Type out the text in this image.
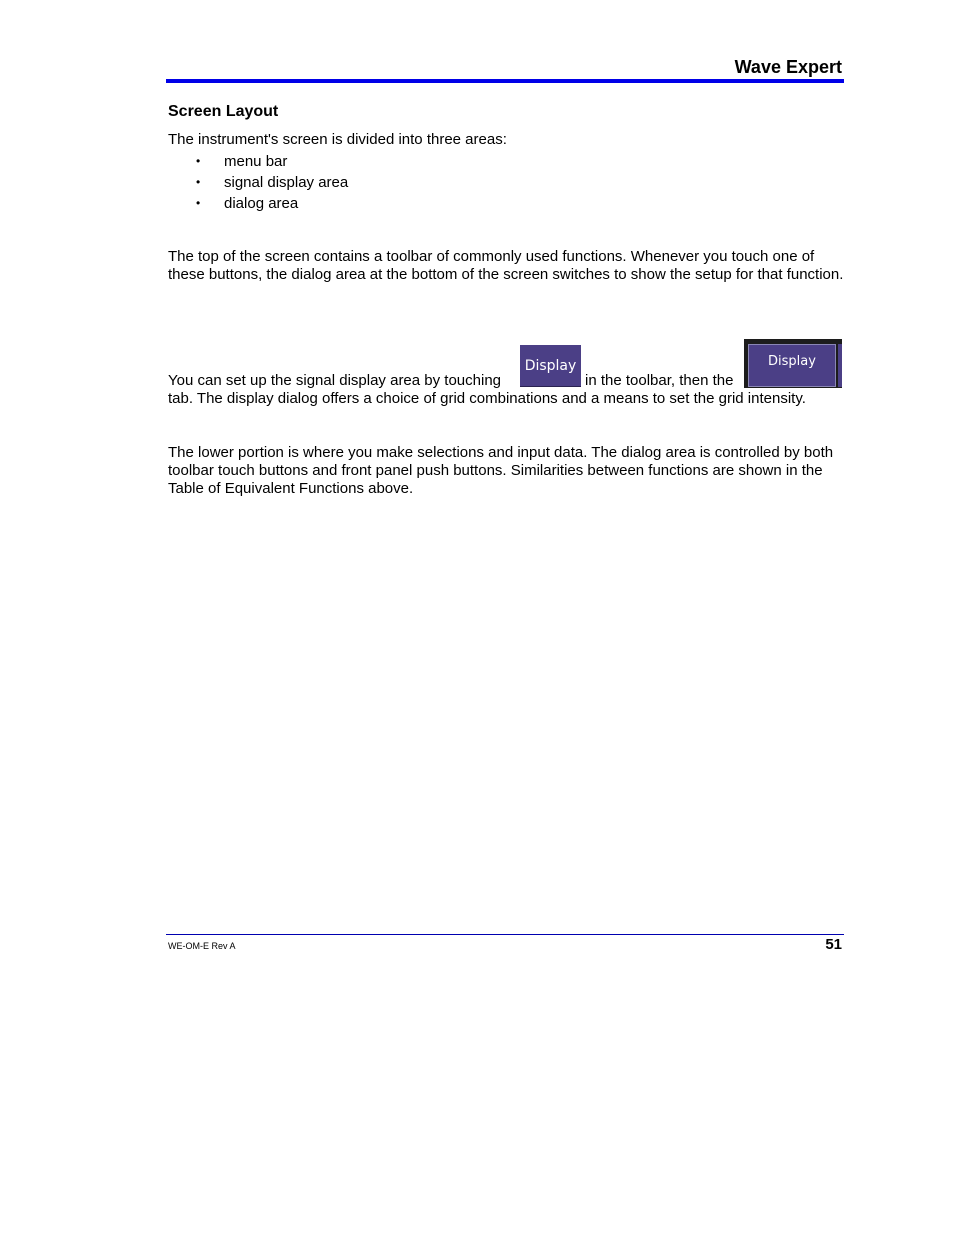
Wave Expert
Screen Layout
The instrument's screen is divided into three areas:
• menu bar
• signal display area
• dialog area
The top of the screen contains a toolbar of commonly used functions. Whenever you touch one of these buttons, the dialog area at the bottom of the screen switches to show the setup for that function.
You can set up the signal display area by touching
Display
in the toolbar, then the
Display
tab. The display dialog offers a choice of grid combinations and a means to set the grid intensity.
The lower portion is where you make selections and input data. The dialog area is controlled by both toolbar touch buttons and front panel push buttons. Similarities between functions are shown in the Table of Equivalent Functions above.
WE-OM-E Rev A	51
